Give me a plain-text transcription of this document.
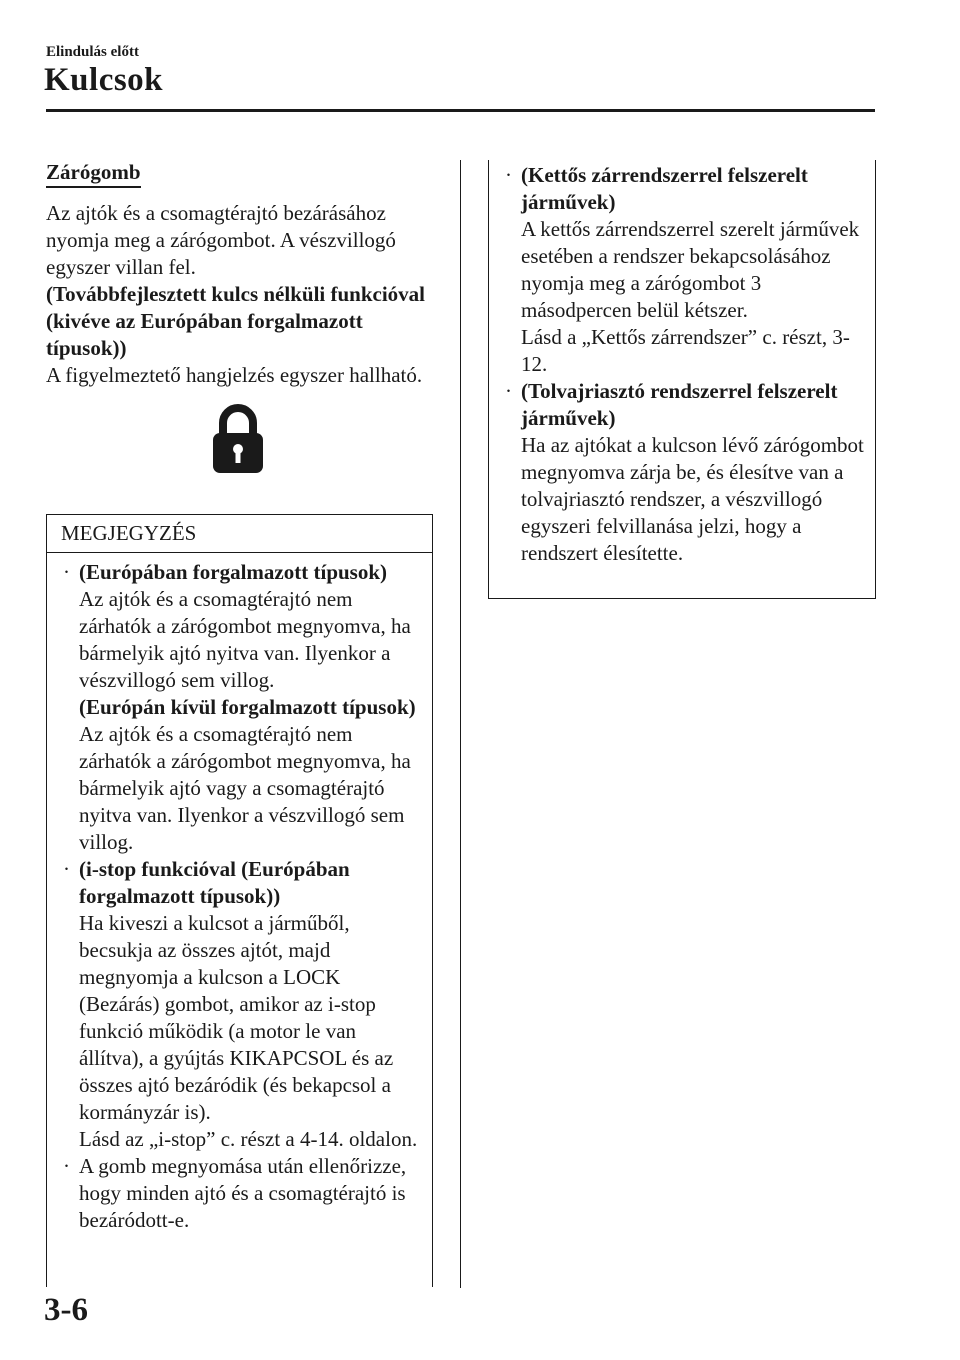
Elindulás előtt
Kulcsok
Zárógomb

Az ajtók és a csomagtérajtó bezárásához nyomja meg a zárógombot. A vészvillogó egyszer villan fel.

(Továbbfejlesztett kulcs nélküli funkcióval (kivéve az Európában forgalmazott típusok))

A figyelmeztető hangjelzés egyszer hallható.

MEGJEGYZÉS
· (Európában forgalmazott típusok)

Az ajtók és a csomagtérajtó nem zárhatók a zárógombot megnyomva, ha bármelyik ajtó nyitva van. Ilyenkor a vészvillogó sem villog.

(Európán kívül forgalmazott típusok)

Az ajtók és a csomagtérajtó nem zárhatók a zárógombot megnyomva, ha bármelyik ajtó vagy a csomagtérajtó nyitva van. Ilyenkor a vészvillogó sem villog.

· (i-stop funkcióval (Európában forgalmazott típusok))

Ha kiveszi a kulcsot a járműből, becsukja az összes ajtót, majd megnyomja a kulcson a LOCK (Bezárás) gombot, amikor az i-stop funkció működik (a motor le van állítva), a gyújtás KIKAPCSOL és az összes ajtó bezáródik (és bekapcsol a kormányzár is).

Lásd az „i-stop” c. részt a 4-14. oldalon.

· A gomb megnyomása után ellenőrizze, hogy minden ajtó és a csomagtérajtó is bezáródott-e.

· (Kettős zárrendszerrel felszerelt járművek)

A kettős zárrendszerrel szerelt járművek esetében a rendszer bekapcsolásához nyomja meg a zárógombot 3 másodpercen belül kétszer.

Lásd a „Kettős zárrendszer” c. részt, 3-12.

· (Tolvajriasztó rendszerrel felszerelt járművek)

Ha az ajtókat a kulcson lévő zárógombot megnyomva zárja be, és élesítve van a tolvajriasztó rendszer, a vészvillogó egyszeri felvillanása jelzi, hogy a rendszert élesítette.

3-6
